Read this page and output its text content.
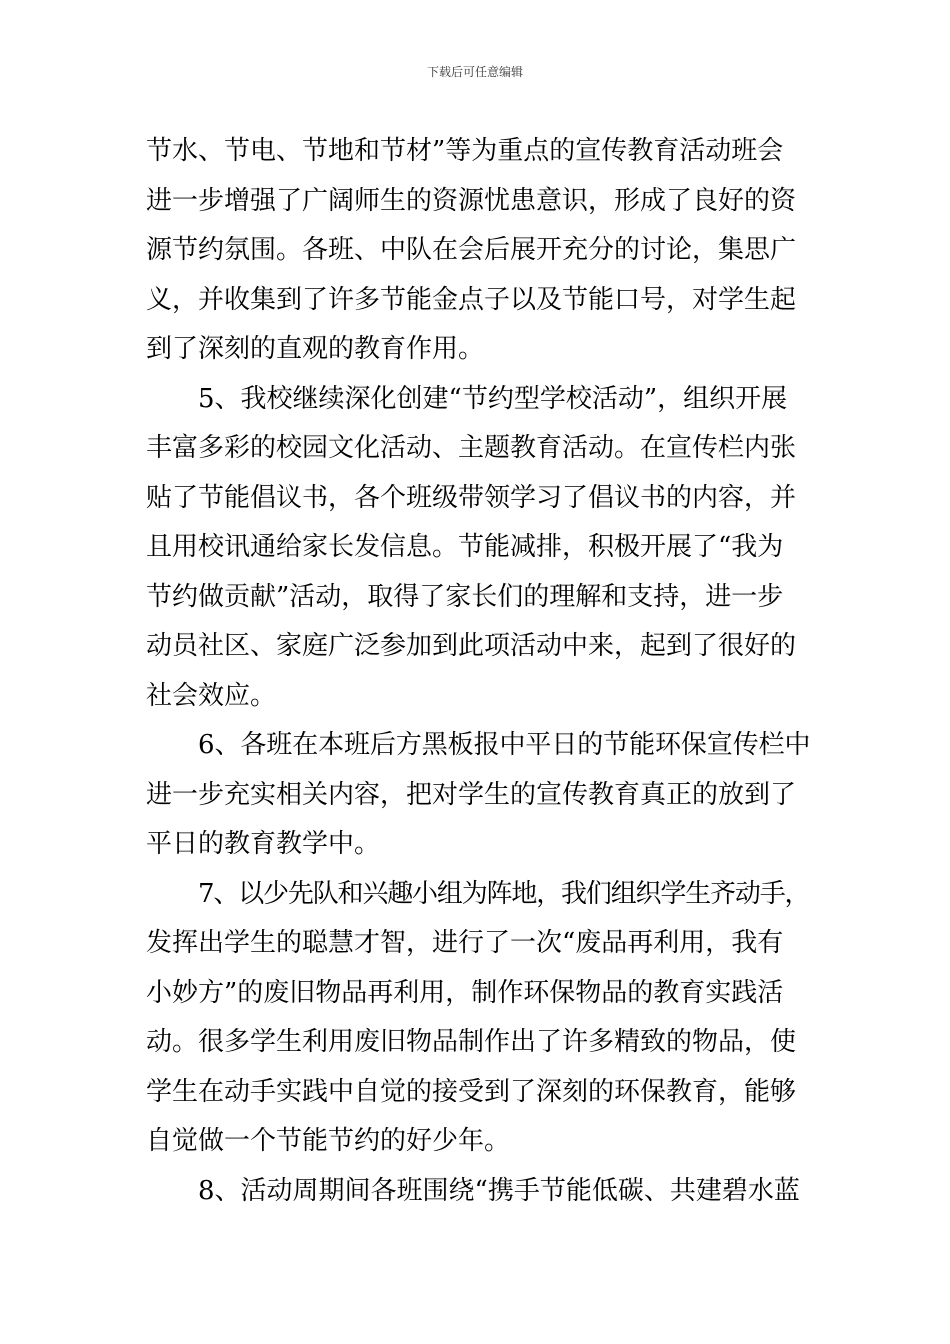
下载后可任意编辑
节水、节电、节地和节材”等为重点的宣传教育活动班会
进一步增强了广阔师生的资源忧患意识，形成了良好的资
源节约氛围。各班、中队在会后展开充分的讨论，集思广
义，并收集到了许多节能金点子以及节能口号，对学生起
到了深刻的直观的教育作用。
5、我校继续深化创建“节约型学校活动”，组织开展
丰富多彩的校园文化活动、主题教育活动。在宣传栏内张
贴了节能倡议书，各个班级带领学习了倡议书的内容，并
且用校讯通给家长发信息。节能减排，积极开展了“我为
节约做贡献”活动，取得了家长们的理解和支持，进一步
动员社区、家庭广泛参加到此项活动中来，起到了很好的
社会效应。
6、各班在本班后方黑板报中平日的节能环保宣传栏中
进一步充实相关内容，把对学生的宣传教育真正的放到了
平日的教育教学中。
7、以少先队和兴趣小组为阵地，我们组织学生齐动手，
发挥出学生的聪慧才智，进行了一次“废品再利用，我有
小妙方”的废旧物品再利用，制作环保物品的教育实践活
动。很多学生利用废旧物品制作出了许多精致的物品，使
学生在动手实践中自觉的接受到了深刻的环保教育，能够
自觉做一个节能节约的好少年。
8、活动周期间各班围绕“携手节能低碳、共建碧水蓝
